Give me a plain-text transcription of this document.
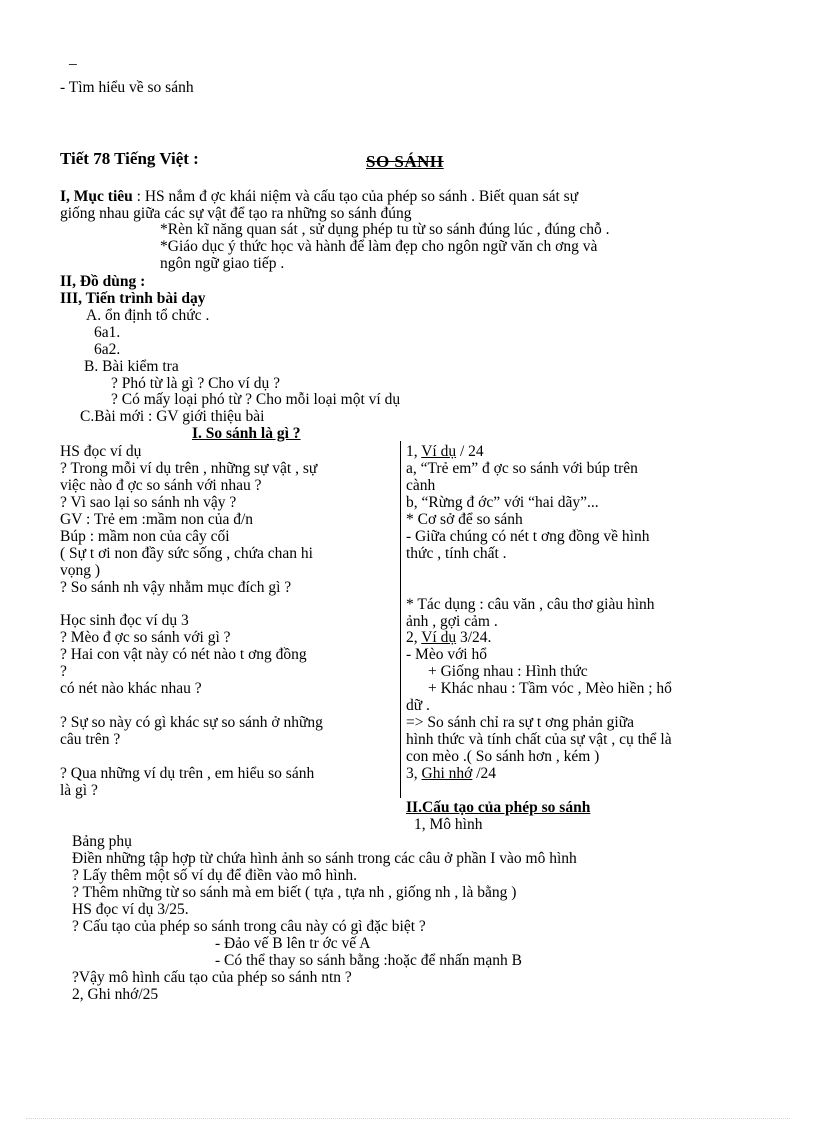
_
- Tìm hiểu về so sánh
Tiết 78 Tiếng Việt :	SO SÁNH
I, Mục tiêu : HS nắm đ ợc khái niệm và cấu tạo của phép so sánh . Biết quan sát sự
giống nhau giữa các sự vật để tạo ra những so sánh đúng
*Rèn kĩ năng quan sát , sử dụng phép tu từ so sánh đúng lúc , đúng chỗ .
*Giáo dục ý thức học và hành để làm đẹp cho ngôn ngữ văn ch ơng và
ngôn ngữ giao tiếp .
II, Đồ dùng :
III, Tiến trình bài dạy
A. ổn định tổ chức .
6a1.
6a2.
B. Bài kiểm tra
? Phó từ là gì ? Cho ví dụ ?
? Có mấy loại phó từ ? Cho mỗi loại một ví dụ
C.Bài mới : GV giới thiệu bài
I. So sánh là gì ?
HS đọc ví dụ
? Trong mỗi ví dụ trên , những sự vật , sự
việc nào đ ợc so sánh với nhau ?
? Vì sao lại so sánh nh vậy ?
GV : Trẻ em :mầm non của đ/n
Búp : mầm non của cây cối
( Sự t ơi non đầy sức sống , chứa chan hi
vọng )
? So sánh nh vậy nhằm mục đích gì ?
Học sinh đọc ví dụ 3
? Mèo đ ợc so sánh với gì ?
? Hai con vật này có nét nào t ơng đồng
?
có nét nào khác nhau ?
? Sự so này có gì khác sự so sánh ở những
câu trên ?
? Qua những ví dụ trên , em hiểu so sánh
là gì ?
1, Ví dụ / 24
a, “Trẻ em” đ ợc so sánh với búp trên
cành
b, “Rừng đ ớc” với “hai dãy”...
* Cơ sở để so sánh
- Giữa chúng có nét t ơng đồng về hình
thức , tính chất .
* Tác dụng : câu văn , câu thơ giàu hình
ảnh , gợi cảm .
2, Ví dụ 3/24.
- Mèo với hổ
+ Giống nhau : Hình thức
+ Khác nhau : Tầm vóc , Mèo hiền ; hổ
dữ .
=> So sánh chỉ ra sự t ơng phản giữa
hình thức và tính chất của sự vật , cụ thể là
con mèo .( So sánh hơn , kém )
3, Ghi nhớ /24
II.Cấu tạo của phép so sánh
1, Mô hình
Bảng phụ
Điền những tập hợp từ chứa hình ảnh so sánh trong các câu ở phần I vào mô hình
? Lấy thêm một số ví dụ để điền vào mô hình.
? Thêm những từ so sánh mà em biết ( tựa , tựa nh , giống nh , là bằng )
HS đọc ví dụ 3/25.
? Cấu tạo của phép so sánh trong câu này có gì đặc biệt ?
- Đảo vế B lên tr ớc vế A
- Có thể thay so sánh bằng :hoặc để nhấn mạnh B
?Vậy mô hình cấu tạo của phép so sánh ntn ?
2, Ghi nhớ/25
